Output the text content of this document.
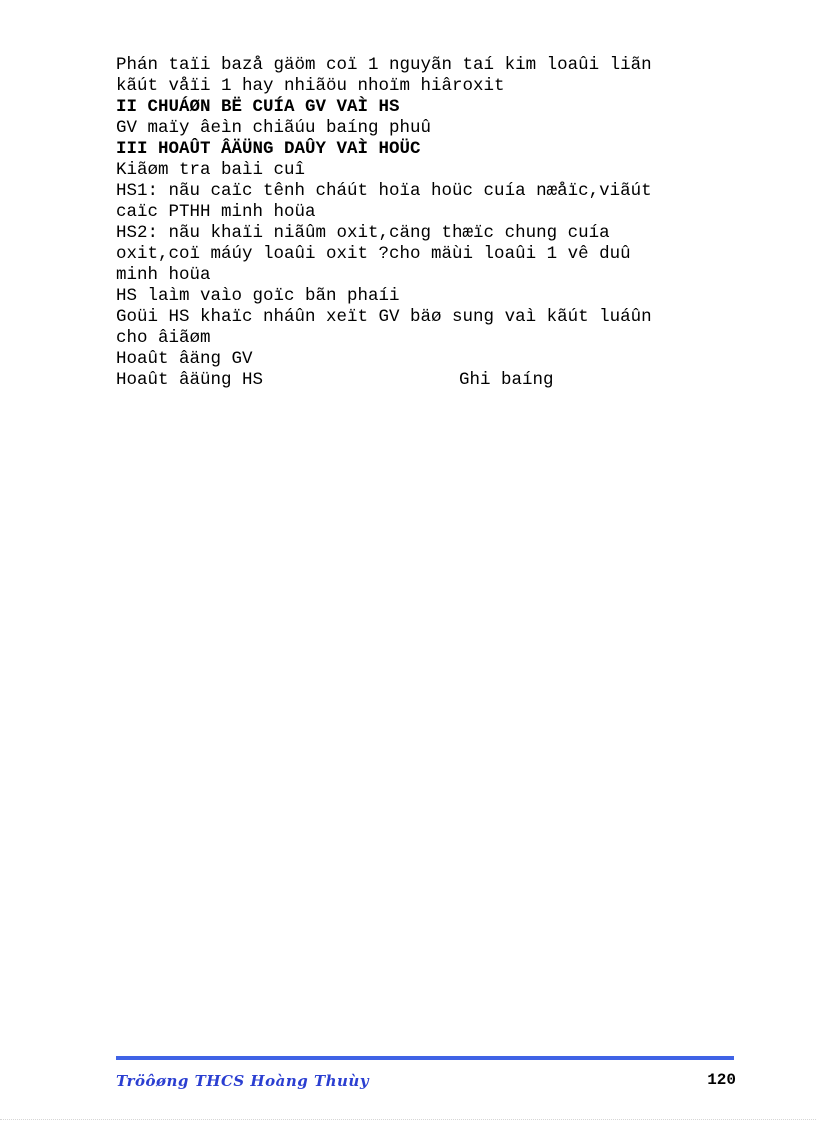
Phán taïi bazå gäöm coï 1 nguyãn taí kim loaûi liãn

kãút våïi 1 hay nhiãöu nhoïm hiâroxit

II CHUÁØN BË CUÍA GV VAÌ HS

GV maïy âeìn chiãúu baíng phuû

III HOAÛT ÂÄÜNG DAÛY VAÌ HOÜC

Kiãøm tra baìi cuî

HS1: nãu caïc tênh cháút hoïa hoüc cuía næåïc,viãút

caïc PTHH minh hoüa

HS2: nãu khaïi niãûm oxit,cäng thæïc chung cuía

oxit,coï máúy loaûi oxit ?cho mäùi loaûi 1 vê duû

minh hoüa

HS laìm vaìo goïc bãn phaíi

Goüi HS khaïc nháûn xeït GV bäø sung vaì kãút luáûn

cho âiãøm

Hoaût âäng GV

Hoaût âäüng HS	Ghi baíng

Tröôøng THCS Hoàng Thuùy	120
